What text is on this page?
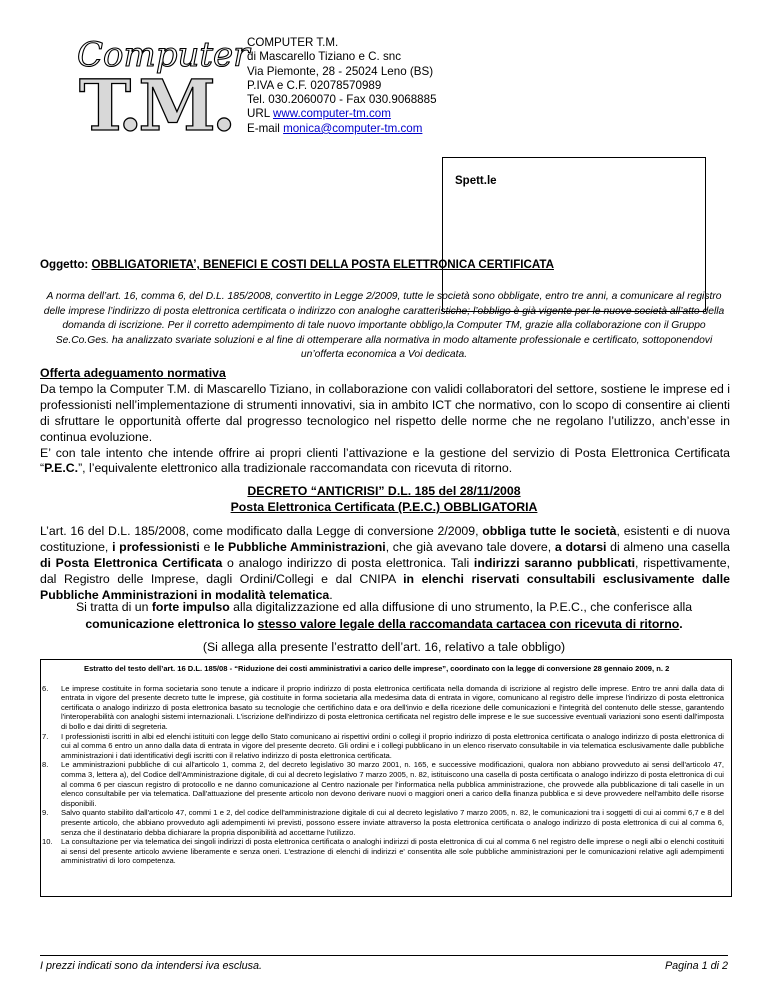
Computer
T.M.
COMPUTER T.M.
di Mascarello Tiziano e C. snc
Via Piemonte, 28 - 25024 Leno (BS)
P.IVA e C.F. 02078570989
Tel. 030.2060070 - Fax 030.9068885
URL www.computer-tm.com
E-mail monica@computer-tm.com
Spett.le
Oggetto: OBBLIGATORIETA’, BENEFICI E COSTI DELLA POSTA ELETTRONICA CERTIFICATA
A norma dell’art. 16, comma 6, del D.L. 185/2008, convertito in Legge 2/2009, tutte le società sono obbligate, entro tre anni, a comunicare al registro delle imprese l’indirizzo di posta elettronica certificata o indirizzo con analoghe caratteristiche; l’obbligo è già vigente per le nuove società all’atto della domanda di iscrizione. Per il corretto adempimento di tale nuovo importante obbligo,la Computer TM, grazie alla collaborazione con il Gruppo Se.Co.Ges. ha analizzato svariate soluzioni e al fine di ottemperare alla normativa in modo altamente professionale e certificato, sottoponendovi un’offerta economica a Voi dedicata.
Offerta adeguamento normativa

Da tempo la Computer T.M. di Mascarello Tiziano, in collaborazione con validi collaboratori del settore, sostiene le imprese ed i professionisti nell’implementazione di strumenti innovativi, sia in ambito ICT che normativo, con lo scopo di consentire ai clienti di sfruttare le opportunità offerte dal progresso tecnologico nel rispetto delle norme che ne regolano l’utilizzo, anch’esse in continua evoluzione.

E’ con tale intento che intende offrire ai propri clienti l’attivazione e la gestione del servizio di Posta Elettronica Certificata “P.E.C.”, l’equivalente elettronico alla tradizionale raccomandata con ricevuta di ritorno.

DECRETO “ANTICRISI” D.L. 185 del 28/11/2008
Posta Elettronica Certificata (P.E.C.) OBBLIGATORIA
L’art. 16 del D.L. 185/2008, come modificato dalla Legge di conversione 2/2009, obbliga tutte le società, esistenti e di nuova costituzione, i professionisti e le Pubbliche Amministrazioni, che già avevano tale dovere, a dotarsi di almeno una casella di Posta Elettronica Certificata o analogo indirizzo di posta elettronica. Tali indirizzi saranno pubblicati, rispettivamente, dal Registro delle Imprese, dagli Ordini/Collegi e dal CNIPA in elenchi riservati consultabili esclusivamente dalle Pubbliche Amministrazioni in modalità telematica.
Si tratta di un forte impulso alla digitalizzazione ed alla diffusione di uno strumento, la P.E.C., che conferisce alla comunicazione elettronica lo stesso valore legale della raccomandata cartacea con ricevuta di ritorno.
(Si allega alla presente l’estratto dell’art. 16, relativo a tale obbligo)

Estratto del testo dell’art. 16 D.L. 185/08 - “Riduzione dei costi amministrativi a carico delle imprese”, coordinato con la legge di conversione 28 gennaio 2009, n. 2

6. Le imprese costituite in forma societaria sono tenute a indicare il proprio indirizzo di posta elettronica certificata nella domanda di iscrizione al registro delle imprese. Entro tre anni dalla data di entrata in vigore del presente decreto tutte le imprese, già costituite in forma societaria alla medesima data di entrata in vigore, comunicano al registro delle imprese l'indirizzo di posta elettronica certificata o analogo indirizzo di posta elettronica basato su tecnologie che certifichino data e ora dell'invio e della ricezione delle comunicazioni e l'integrità del contenuto delle stesse, garantendo l'interoperabilità con analoghi sistemi internazionali. L'iscrizione dell'indirizzo di posta elettronica certificata nel registro delle imprese e le sue successive eventuali variazioni sono esenti dall'imposta di bollo e dai diritti di segreteria.

7. I professionisti iscritti in albi ed elenchi istituiti con legge dello Stato comunicano ai rispettivi ordini o collegi il proprio indirizzo di posta elettronica certificata o analogo indirizzo di posta elettronica di cui al comma 6 entro un anno dalla data di entrata in vigore del presente decreto. Gli ordini e i collegi pubblicano in un elenco riservato consultabile in via telematica esclusivamente dalle pubbliche amministrazioni i dati identificativi degli iscritti con il relativo indirizzo di posta elettronica certificata.

8. Le amministrazioni pubbliche di cui all'articolo 1, comma 2, del decreto legislativo 30 marzo 2001, n. 165, e successive modificazioni, qualora non abbiano provveduto ai sensi dell'articolo 47, comma 3, lettera a), del Codice dell'Amministrazione digitale, di cui al decreto legislativo 7 marzo 2005, n. 82, istituiscono una casella di posta certificata o analogo indirizzo di posta elettronica di cui al comma 6 per ciascun registro di protocollo e ne danno comunicazione al Centro nazionale per l'informatica nella pubblica amministrazione, che provvede alla pubblicazione di tali caselle in un elenco consultabile per via telematica. Dall'attuazione del presente articolo non devono derivare nuovi o maggiori oneri a carico della finanza pubblica e si deve provvedere nell'ambito delle risorse disponibili.

9. Salvo quanto stabilito dall'articolo 47, commi 1 e 2, del codice dell'amministrazione digitale di cui al decreto legislativo 7 marzo 2005, n. 82, le comunicazioni tra i soggetti di cui ai commi 6,7 e 8 del presente articolo, che abbiano provveduto agli adempimenti ivi previsti, possono essere inviate attraverso la posta elettronica certificata o analogo indirizzo di posta elettronica di cui al comma 6, senza che il destinatario debba dichiarare la propria disponibilità ad accettarne l'utilizzo.

10. La consultazione per via telematica dei singoli indirizzi di posta elettronica certificata o analoghi indirizzi di posta elettronica di cui al comma 6 nel registro delle imprese o negli albi o elenchi costituiti ai sensi del presente articolo avviene liberamente e senza oneri. L'estrazione di elenchi di indirizzi e' consentita alle sole pubbliche amministrazioni per le comunicazioni relative agli adempimenti amministrativi di loro competenza.

I prezzi indicati sono da intendersi iva esclusa.	Pagina 1 di 2
